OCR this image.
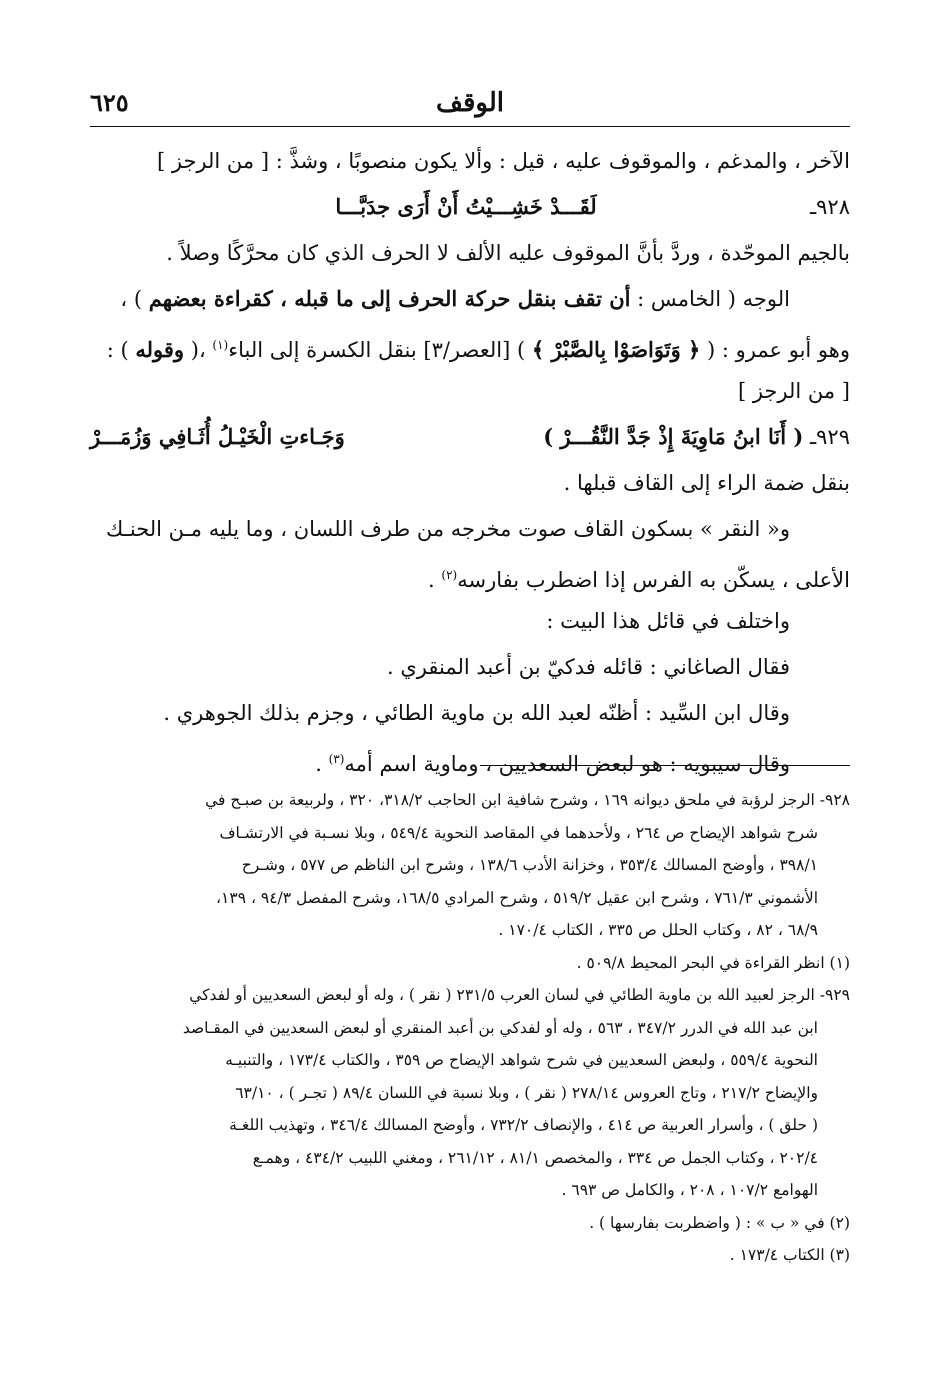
الوقف
٦٢٥
الآخر ، والمدغم ، والموقوف عليه ، قيل : وألا يكون منصوبًا ، وشذَّ : [ من الرجز ]
٩٢٨ـ  لَقَـــدْ خَشِـــيْتُ أَنْ أَرَى جدَبَّـــا
بالجيم الموحّدة ، وردَّ بأنَّ الموقوف عليه الألف لا الحرف الذي كان محرَّكًا وصلاً .
الوجه ( الخامس : أن تقف بنقل حركة الحرف إلى ما قبله ، كقراءة بعضهم ) ،
وهو أبو عمرو : ( ﴿ وَتَوَاصَوْا بِالصَّبْرْ ﴾ ) [العصر/٣] بنقل الكسرة إلى الباء$^{(١)}$ ،( وقوله ) :
[ من الرجز ]
٩٢٩ـ ( أَنَا ابنُ مَاوِيَةَ إِذْ جَدَّ النَّقُـــرْ )
وَجَـاءتِ الْخَيْـلُ أُثَـافِي وَزُمَـــرْ
بنقل ضمة الراء إلى القاف قبلها .
و« النقر » بسكون القاف صوت مخرجه من طرف اللسان ، وما يليه مـن الحنـك
الأعلى ، يسكّن به الفرس إذا اضطرب بفارسه$^{(٢)}$ .
واختلف في قائل هذا البيت :
فقال الصاغاني : قائله فدكيّ بن أعبد المنقري .
وقال ابن السِّيد : أظنّه لعبد الله بن ماوية الطائي ، وجزم بذلك الجوهري .
وقال سيبويه : هو لبعض السعديين ، وماوية اسم أمه$^{(٣)}$ .
٩٢٨- الرجز لرؤبة في ملحق ديوانه ١٦٩ ، وشرح شافية ابن الحاجب ٣١٨/٢، ٣٢٠ ، ولربيعة بن صبـح في
شرح شواهد الإيضاح ص ٢٦٤ ، ولأحدهما في المقاصد النحوية ٥٤٩/٤ ، وبلا نسـبة في الارتشـاف
٣٩٨/١ ، وأوضح المسالك ٣٥٣/٤ ، وخزانة الأدب ١٣٨/٦ ، وشرح ابن الناظم ص ٥٧٧ ، وشـرح
الأشموني ٧٦١/٣ ، وشرح ابن عقيل ٥١٩/٢ ، وشرح المرادي ١٦٨/٥، وشرح المفصل ٩٤/٣ ، ١٣٩،
٦٨/٩ ، ٨٢ ، وكتاب الحلل ص ٣٣٥ ، الكتاب ١٧٠/٤ .
(١) انظر القراءة في البحر المحيط ٥٠٩/٨ .
٩٢٩- الرجز لعبيد الله بن ماوية الطائي في لسان العرب ٢٣١/٥ ( نقر ) ، وله أو لبعض السعديين أو لفدكي
ابن عبد الله في الدرر ٣٤٧/٢ ، ٥٦٣ ، وله أو لفدكي بن أعبد المنقري أو لبعض السعديين في المقـاصد
النحوية ٥٥٩/٤ ، ولبعض السعديين في شرح شواهد الإيضاح ص ٣٥٩ ، والكتاب ١٧٣/٤ ، والتنبيـه
والإيضاح ٢١٧/٢ ، وتاج العروس ٢٧٨/١٤ ( نقر ) ، وبلا نسبة في اللسان ٨٩/٤ ( تجـر ) ، ٦٣/١٠
( حلق ) ، وأسرار العربية ص ٤١٤ ، والإنصاف ٧٣٢/٢ ، وأوضح المسالك ٣٤٦/٤ ، وتهذيب اللغـة
٢٠٢/٤ ، وكتاب الجمل ص ٣٣٤ ، والمخصص ٨١/١ ، ٢٦١/١٢ ، ومغني اللبيب ٤٣٤/٢ ، وهمـع
الهوامع ١٠٧/٢ ، ٢٠٨ ، والكامل ص ٦٩٣ .
(٢) في « ب » : ( واضطربت بفارسها ) .
(٣) الكتاب ١٧٣/٤ .
